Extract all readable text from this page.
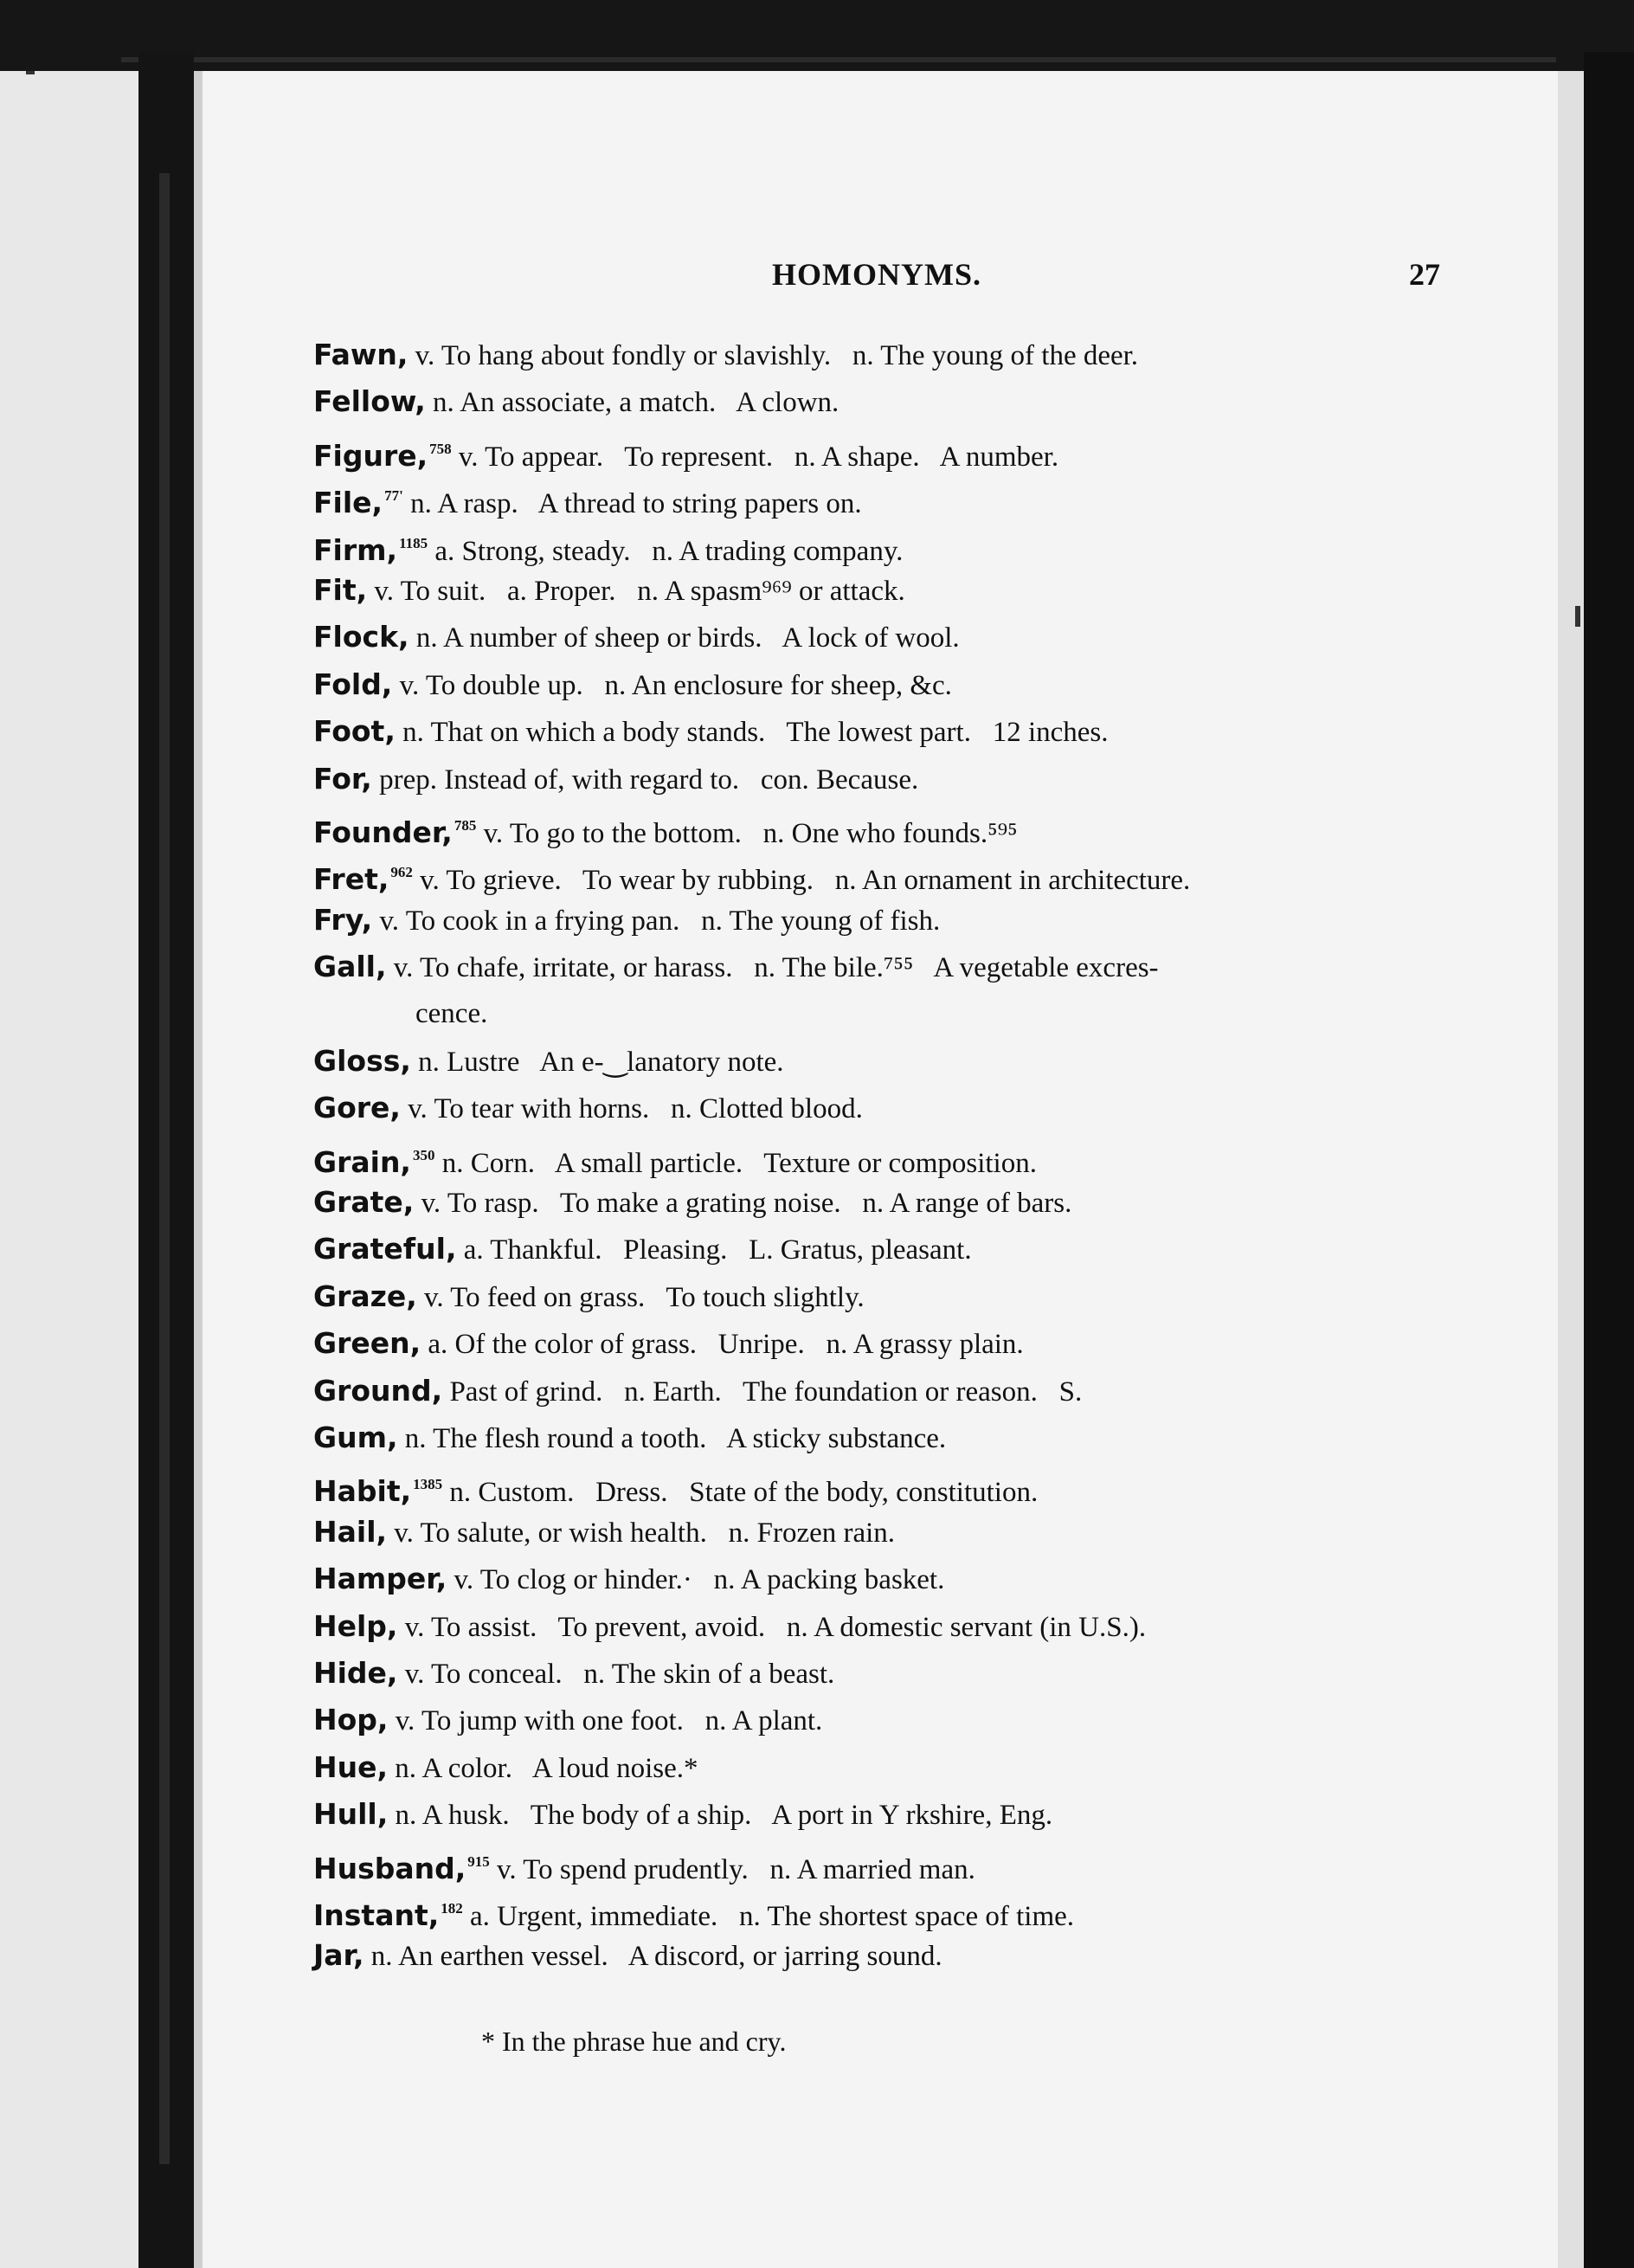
HOMONYMS.	27
Fawn, v. To hang about fondly or slavishly.   n. The young of the deer.
Fellow, n. An associate, a match.   A clown.
Figure, $^{758}$ v. To appear.   To represent.   n. A shape.   A number.
File, $^{77'}$ n. A rasp.   A thread to string papers on.
Firm, $^{1185}$ a. Strong, steady.   n. A trading company.
Fit, v. To suit.   a. Proper.   n. A spasm⁹⁶⁹ or attack.
Flock, n. A number of sheep or birds.   A lock of wool.
Fold, v. To double up.   n. An enclosure for sheep, &c.
Foot, n. That on which a body stands.   The lowest part.   12 inches.
For, prep. Instead of, with regard to.   con. Because.
Founder, $^{785}$ v. To go to the bottom.   n. One who founds.⁵⁹⁵
Fret, $^{962}$ v. To grieve.   To wear by rubbing.   n. An ornament in architecture.
Fry, v. To cook in a frying pan.   n. The young of fish.
Gall, v. To chafe, irritate, or harass.   n. The bile.⁷⁵⁵   A vegetable excres-
cence.
Gloss, n. Lustre   An e-‿lanatory note.
Gore, v. To tear with horns.   n. Clotted blood.
Grain, $^{350}$ n. Corn.   A small particle.   Texture or composition.
Grate, v. To rasp.   To make a grating noise.   n. A range of bars.
Grateful, a. Thankful.   Pleasing.   L. Gratus, pleasant.
Graze, v. To feed on grass.   To touch slightly.
Green, a. Of the color of grass.   Unripe.   n. A grassy plain.
Ground, Past of grind.   n. Earth.   The foundation or reason.   S.
Gum, n. The flesh round a tooth.   A sticky substance.
Habit, $^{1385}$ n. Custom.   Dress.   State of the body, constitution.
Hail, v. To salute, or wish health.   n. Frozen rain.
Hamper, v. To clog or hinder.·   n. A packing basket.
Help, v. To assist.   To prevent, avoid.   n. A domestic servant (in U.S.).
Hide, v. To conceal.   n. The skin of a beast.
Hop, v. To jump with one foot.   n. A plant.
Hue, n. A color.   A loud noise.*
Hull, n. A husk.   The body of a ship.   A port in Y rkshire, Eng.
Husband, $^{915}$ v. To spend prudently.   n. A married man.
Instant, $^{182}$ a. Urgent, immediate.   n. The shortest space of time.
Jar, n. An earthen vessel.   A discord, or jarring sound.
* In the phrase hue and cry.
